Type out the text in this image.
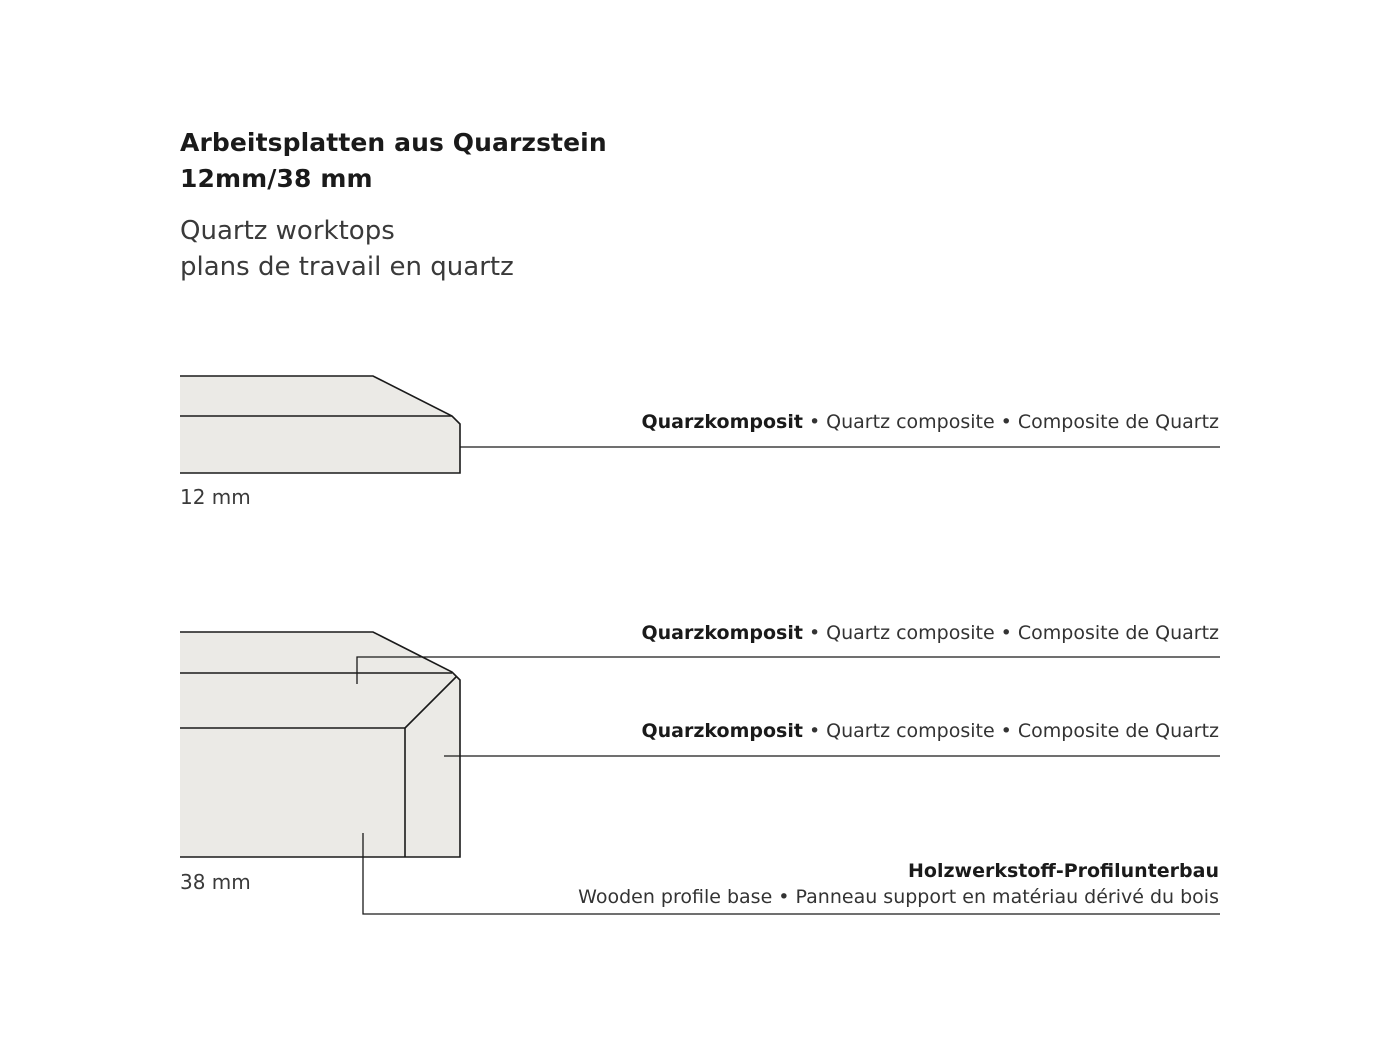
Arbeitsplatten aus Quarzstein
12mm/38 mm
Quartz worktops
plans de travail en quartz
Quarzkomposit • Quartz composite • Composite de Quartz
12 mm
Quarzkomposit • Quartz composite • Composite de Quartz
Quarzkomposit • Quartz composite • Composite de Quartz
Holzwerkstoff-Profilunterbau
Wooden profile base • Panneau support en matériau dérivé du bois
38 mm
